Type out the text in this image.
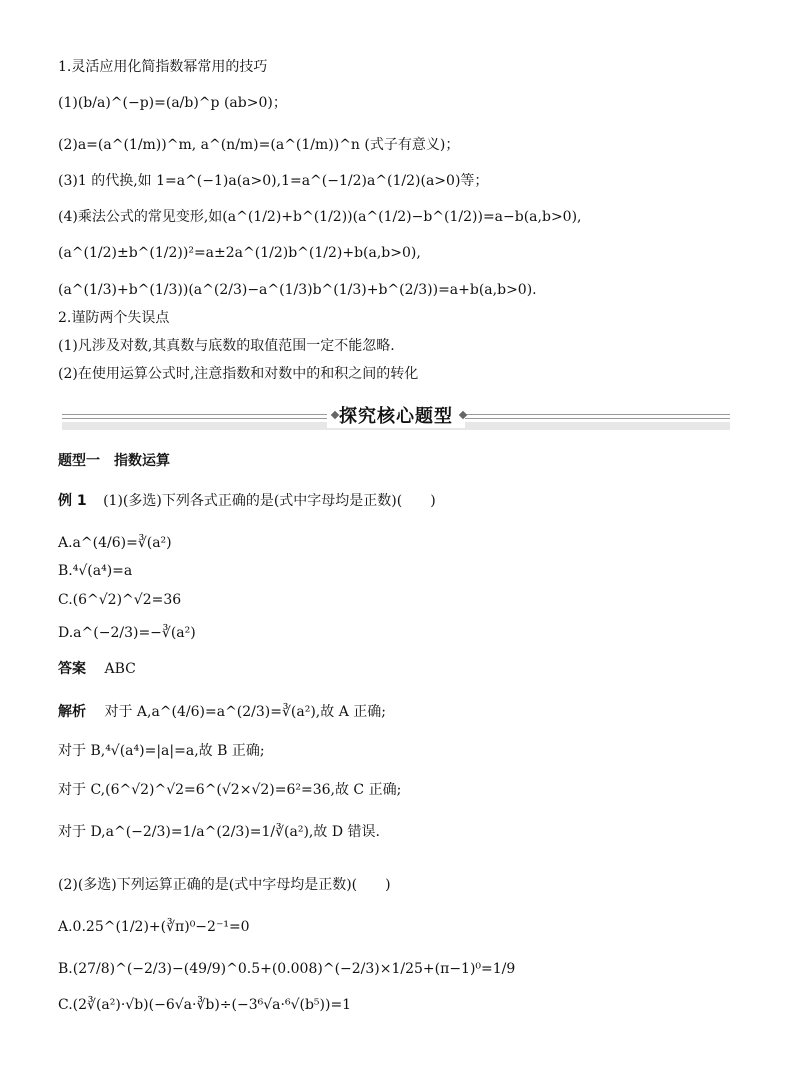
1.灵活应用化简指数幂常用的技巧
(1)(b/a)^(−p)=(a/b)^p (ab>0)；
(2)a=(a^(1/m))^m, a^(n/m)=(a^(1/m))^n (式子有意义)；
(3)1 的代换,如 1=a^(−1)a(a>0),1=a^(−1/2)a^(1/2)(a>0)等；
(4)乘法公式的常见变形,如(a^(1/2)+b^(1/2))(a^(1/2)−b^(1/2))=a−b(a,b>0),
(a^(1/2)±b^(1/2))²=a±2a^(1/2)b^(1/2)+b(a,b>0),
(a^(1/3)+b^(1/3))(a^(2/3)−a^(1/3)b^(1/3)+b^(2/3))=a+b(a,b>0).
2.谨防两个失误点
(1)凡涉及对数,其真数与底数的取值范围一定不能忽略.
(2)在使用运算公式时,注意指数和对数中的和积之间的转化
探究核心题型
题型一　指数运算
例 1 (1)(多选)下列各式正确的是(式中字母均是正数)(　　)
A.a^(4/6)=∛(a²)
B.⁴√(a⁴)=a
C.(6^√2)^√2=36
D.a^(−2/3)=−∛(a²)
答案 ABC
解析 对于 A,a^(4/6)=a^(2/3)=∛(a²),故 A 正确;
对于 B,⁴√(a⁴)=|a|=a,故 B 正确;
对于 C,(6^√2)^√2=6^(√2×√2)=6²=36,故 C 正确;
对于 D,a^(−2/3)=1/a^(2/3)=1/∛(a²),故 D 错误.
(2)(多选)下列运算正确的是(式中字母均是正数)(　　)
A.0.25^(1/2)+(∛π)⁰−2⁻¹=0
B.(27/8)^(−2/3)−(49/9)^0.5+(0.008)^(−2/3)×1/25+(π−1)⁰=1/9
C.(2∛(a²)·√b)(−6√a·∛b)÷(−3⁶√a·⁶√(b⁵))=1
